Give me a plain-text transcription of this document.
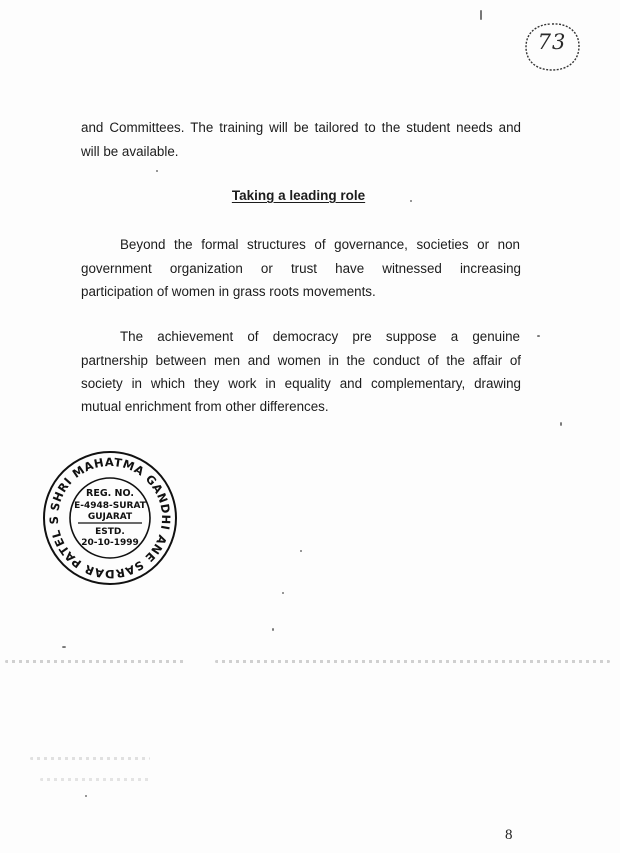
73
and Committees. The training will be tailored to the student needs and
will be available.
Taking a leading role
Beyond the formal structures of governance, societies or non
government organization or trust have witnessed increasing
participation of women in grass roots movements.
The achievement of democracy pre suppose a genuine
partnership between men and women in the conduct of the affair of
society in which they work in equality and complementary, drawing
mutual enrichment from other differences.
SHRI MAHATMA GANDHI ANE SARDAR PATEL S
REG. NO.
E-4948-SURAT
GUJARAT
ESTD.
20-10-1999
8
